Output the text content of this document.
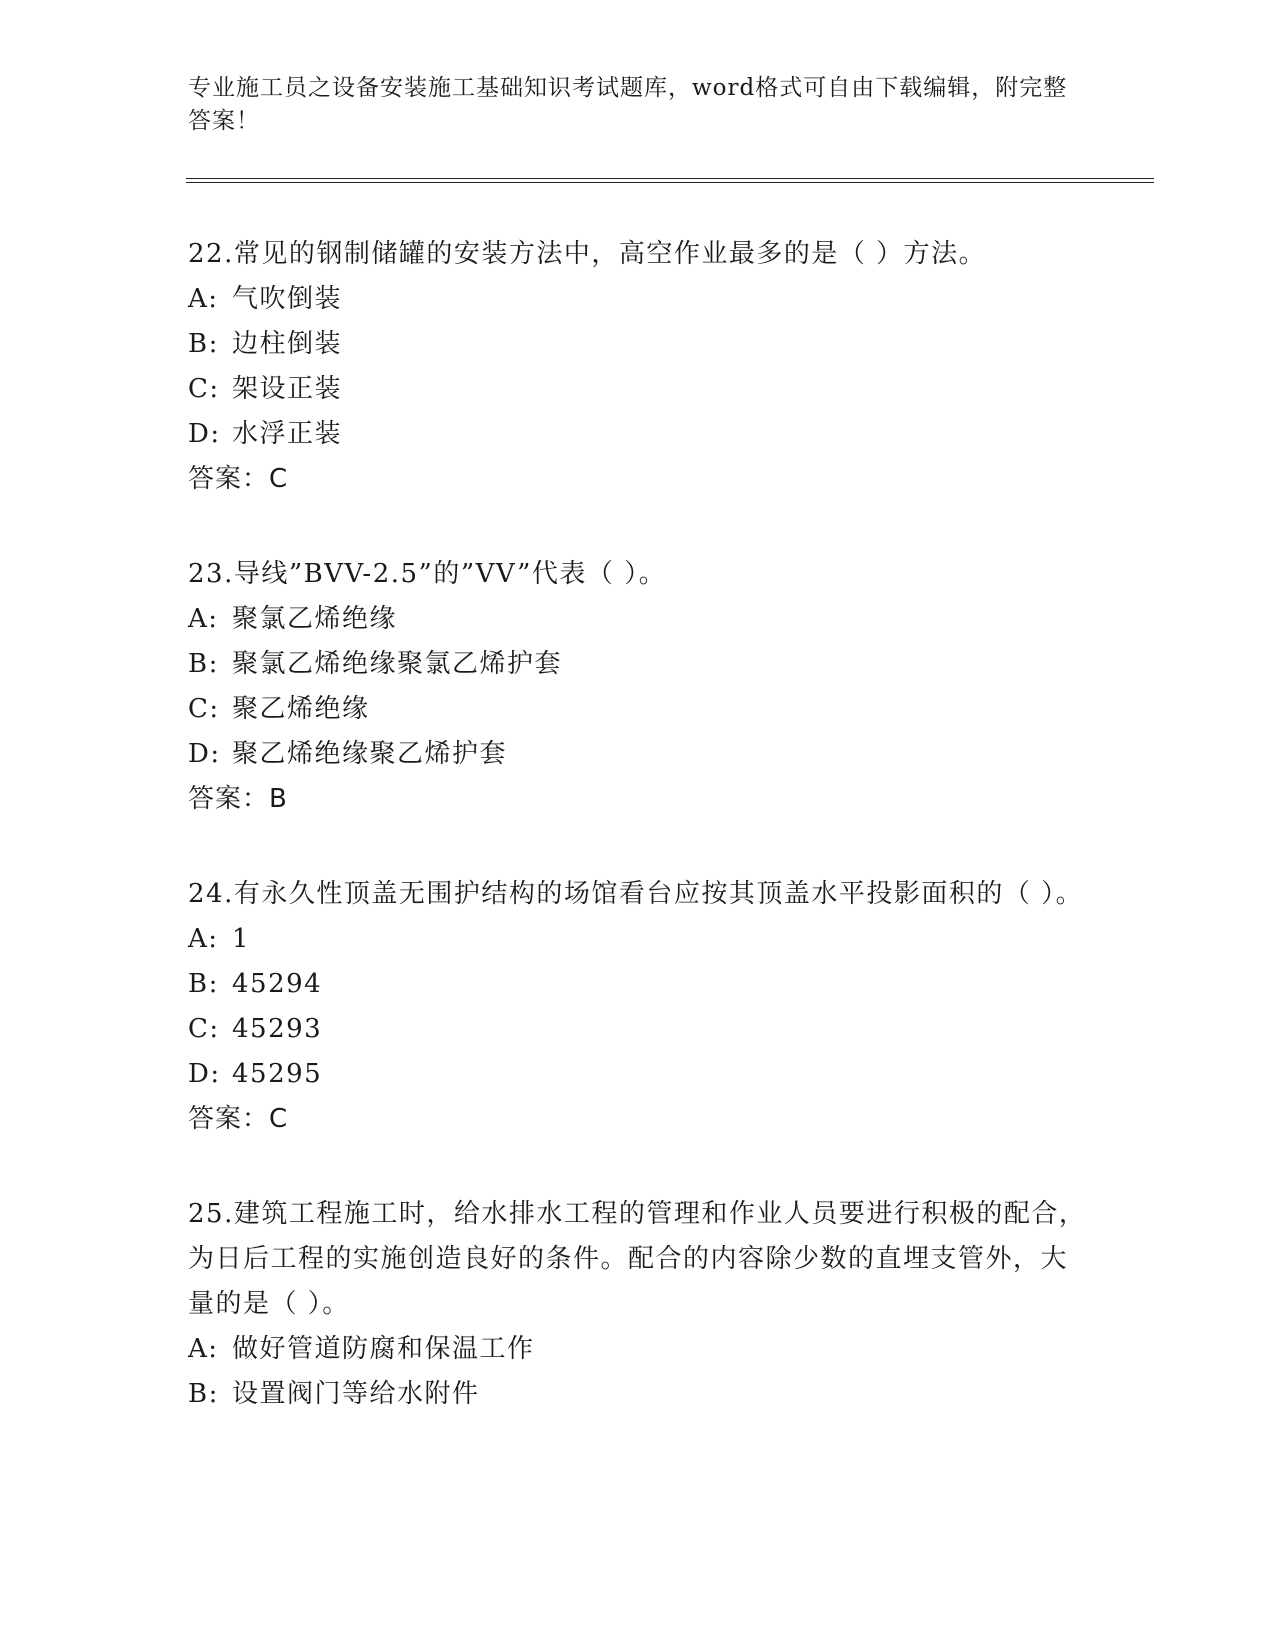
专业施工员之设备安装施工基础知识考试题库，word格式可自由下载编辑，附完整答案！

22.常见的钢制储罐的安装方法中，高空作业最多的是（ ）方法。

A: 气吹倒装

B: 边柱倒装

C: 架设正装

D: 水浮正装

答案：C

23.导线”BVV-2.5”的”VV”代表（ ）。

A: 聚氯乙烯绝缘

B: 聚氯乙烯绝缘聚氯乙烯护套

C: 聚乙烯绝缘

D: 聚乙烯绝缘聚乙烯护套

答案：B

24.有永久性顶盖无围护结构的场馆看台应按其顶盖水平投影面积的（ ）。

A: 1

B: 45294

C: 45293

D: 45295

答案：C

25.建筑工程施工时，给水排水工程的管理和作业人员要进行积极的配合，为日后工程的实施创造良好的条件。配合的内容除少数的直埋支管外，大量的是（ ）。

A: 做好管道防腐和保温工作

B: 设置阀门等给水附件
